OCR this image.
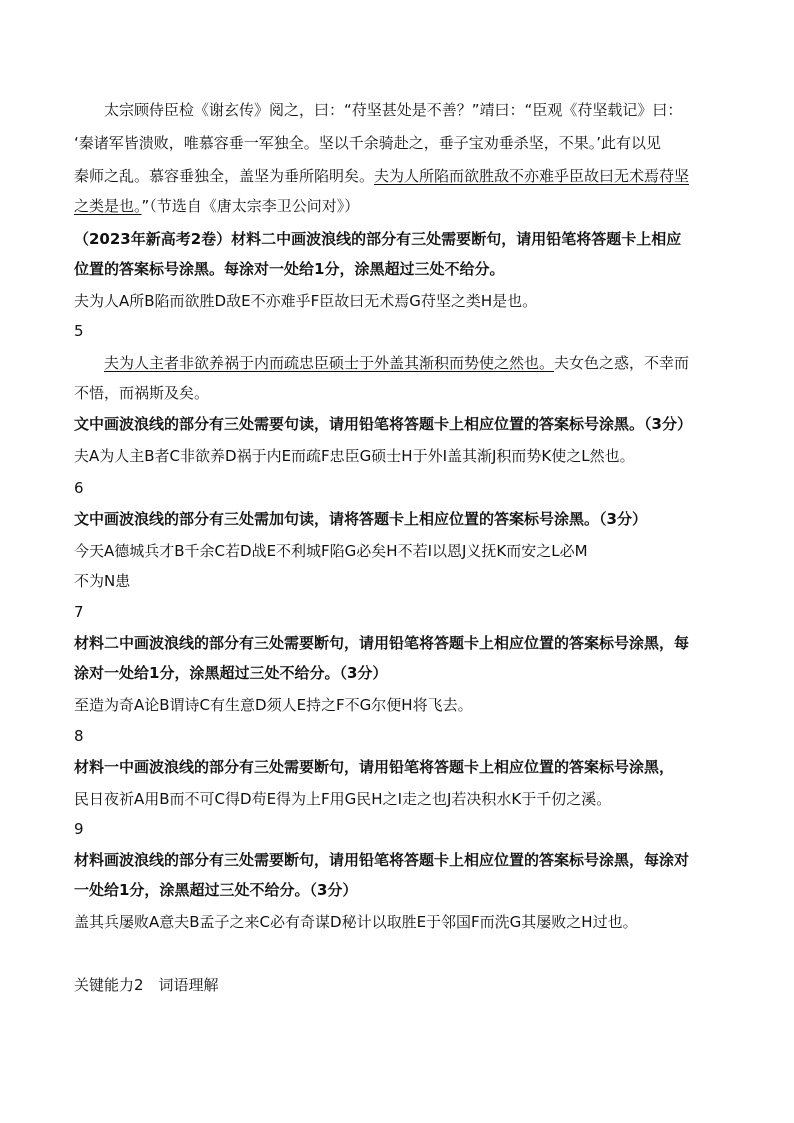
太宗顾侍臣检《谢玄传》阅之，曰：“苻坚甚处是不善？”靖曰：“臣观《苻坚载记》曰：
‘秦诸军皆溃败，唯慕容垂一军独全。坚以千余骑赴之，垂子宝劝垂杀坚，不果。’此有以见
秦师之乱。慕容垂独全，盖坚为垂所陷明矣。夫为人所陷而欲胜敌不亦难乎臣故曰无术焉苻坚
之类是也。”（节选自《唐太宗李卫公问对》）
（2023年新高考2卷）材料二中画波浪线的部分有三处需要断句，请用铅笔将答题卡上相应
位置的答案标号涂黑。每涂对一处给1分，涂黑超过三处不给分。
夫为人A所B陷而欲胜D敌E不亦难乎F臣故曰无术焉G苻坚之类H是也。
5
夫为人主者非欲养祸于内而疏忠臣硕士于外盖其渐积而势使之然也。夫女色之惑，不幸而
不悟，而祸斯及矣。
文中画波浪线的部分有三处需要句读，请用铅笔将答题卡上相应位置的答案标号涂黑。（3分）
夫A为人主B者C非欲养D祸于内E而疏F忠臣G硕士H于外I盖其渐J积而势K使之L然也。
6
文中画波浪线的部分有三处需加句读，请将答题卡上相应位置的答案标号涂黑。（3分）
今天A德城兵才B千余C若D战E不利城F陷G必矣H不若I以恩J义抚K而安之L必M
不为N患
7
材料二中画波浪线的部分有三处需要断句，请用铅笔将答题卡上相应位置的答案标号涂黑，每
涂对一处给1分，涂黑超过三处不给分。（3分）
至造为奇A论B谓诗C有生意D须人E持之F不G尔便H将飞去。
8
材料一中画波浪线的部分有三处需要断句，请用铅笔将答题卡上相应位置的答案标号涂黑，
民日夜祈A用B而不可C得D苟E得为上F用G民H之I走之也J若决积水K于千仞之溪。
9
材料画波浪线的部分有三处需要断句，请用铅笔将答题卡上相应位置的答案标号涂黑，每涂对
一处给1分，涂黑超过三处不给分。（3分）
盖其兵屡败A意夫B孟子之来C必有奇谋D秘计以取胜E于邻国F而洗G其屡败之H过也。
关键能力2　词语理解
